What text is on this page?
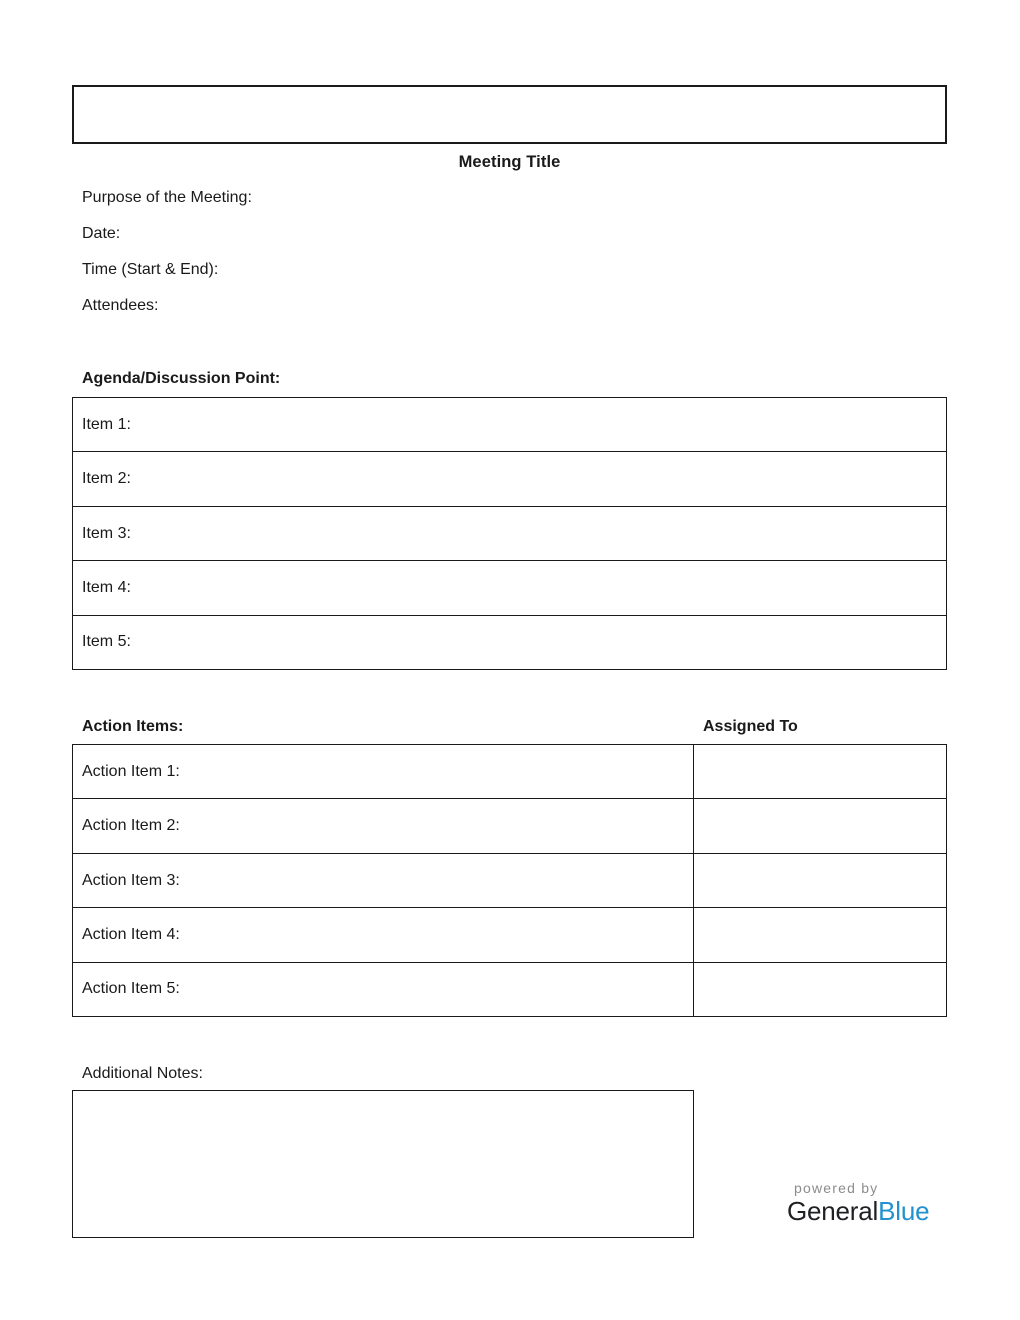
Meeting Title
Purpose of the Meeting:
Date:
Time (Start & End):
Attendees:
Agenda/Discussion Point:
Item 1:
Item 2:
Item 3:
Item 4:
Item 5:
Action Items:	Assigned To
Action Item 1:
Action Item 2:
Action Item 3:
Action Item 4:
Action Item 5:
Additional Notes:
powered by
GeneralBlue
